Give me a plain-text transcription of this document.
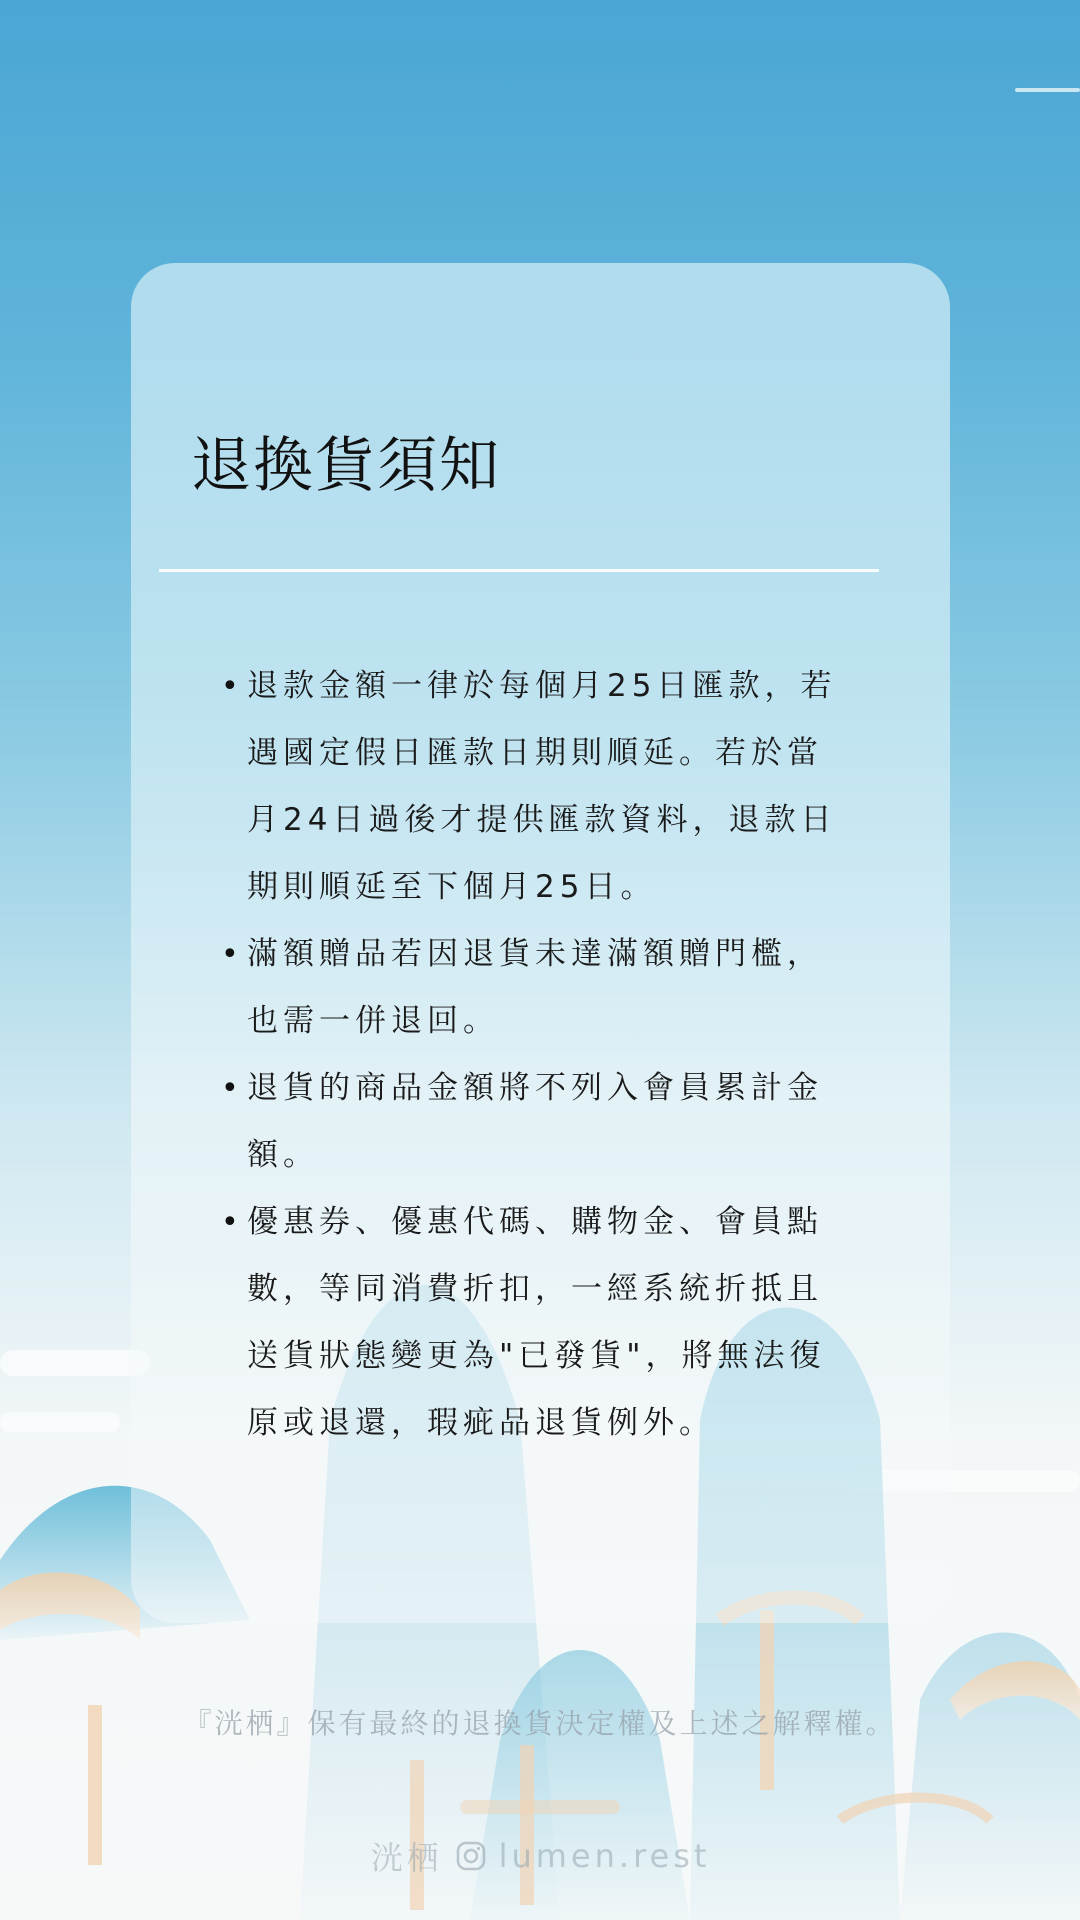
退換貨須知
• 退款金額一律於每個月25日匯款，若遇國定假日匯款日期則順延。若於當月24日過後才提供匯款資料，退款日期則順延至下個月25日。
• 滿額贈品若因退貨未達滿額贈門檻，也需一併退回。
• 退貨的商品金額將不列入會員累計金額。
• 優惠券、優惠代碼、購物金、會員點數，等同消費折扣，一經系統折抵且送貨狀態變更為"已發貨"，將無法復原或退還，瑕疵品退貨例外。
洸栖 lumen.rest
『洸栖』保有最終的退換貨決定權及上述之解釋權。
